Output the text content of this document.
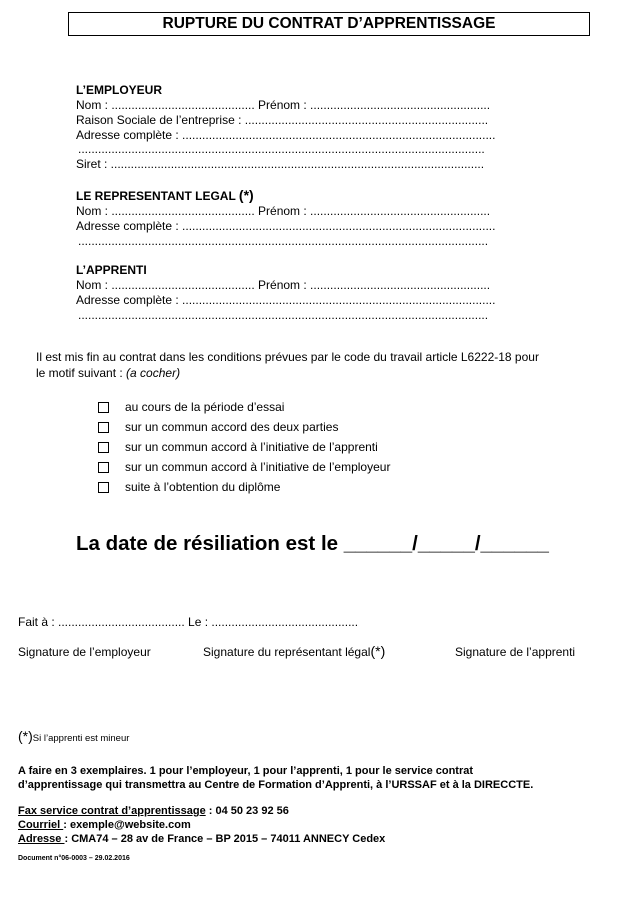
RUPTURE DU CONTRAT D’APPRENTISSAGE
L’EMPLOYEUR
Nom : ........................................... Prénom : ......................................................
Raison Sociale de l’entreprise : .........................................................................
Adresse complète : ..............................................................................................
..........................................................................................................................
Siret : ................................................................................................................
LE REPRESENTANT LEGAL (*)
Nom : ........................................... Prénom : ......................................................
Adresse complète : ..............................................................................................
...........................................................................................................................
L’APPRENTI
Nom : ........................................... Prénom : ......................................................
Adresse complète : ..............................................................................................
...........................................................................................................................
Il est mis fin au contrat dans les conditions prévues par le code du travail article L6222-18 pour
le motif suivant : (a cocher)
au cours de la période d’essai
sur un commun accord des deux parties
sur un commun accord à l’initiative de l’apprenti
sur un commun accord à l’initiative de l’employeur
suite à l’obtention du diplôme
La date de résiliation est le ______/_____/______
Fait à : ...................................... Le : ............................................
Signature de l’employeur	Signature du représentant légal(*)	Signature de l’apprenti
(*)Si l’apprenti est mineur
A faire en 3 exemplaires. 1 pour l’employeur, 1 pour l’apprenti, 1 pour le service contrat
d’apprentissage qui transmettra au Centre de Formation d’Apprenti, à l’URSSAF et à la DIRECCTE.
Fax service contrat d’apprentissage : 04 50 23 92 56
Courriel : exemple@website.com
Adresse : CMA74 – 28 av de France – BP 2015 – 74011 ANNECY Cedex
Document n°06-0003 – 29.02.2016
